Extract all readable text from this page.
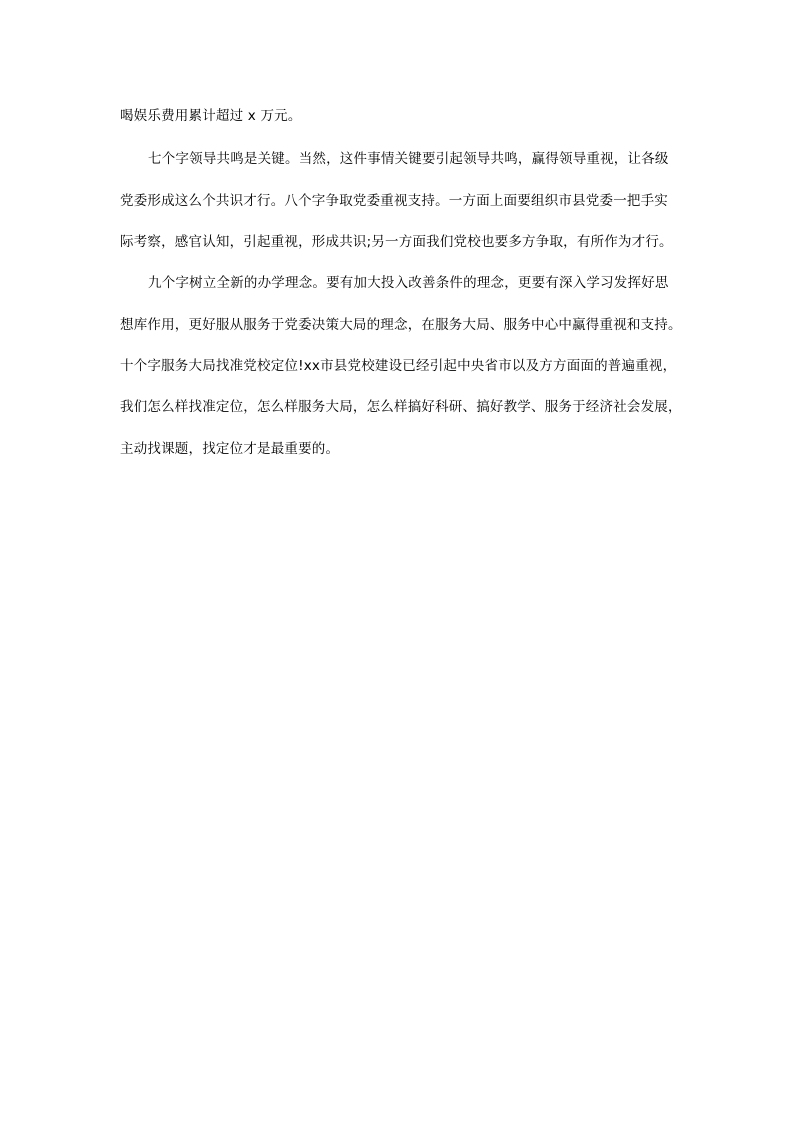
喝娱乐费用累计超过 x 万元。
七个字领导共鸣是关键。当然，这件事情关键要引起领导共鸣，赢得领导重视，让各级
党委形成这么个共识才行。八个字争取党委重视支持。一方面上面要组织市县党委一把手实
际考察，感官认知，引起重视，形成共识;另一方面我们党校也要多方争取，有所作为才行。
九个字树立全新的办学理念。要有加大投入改善条件的理念，更要有深入学习发挥好思
想库作用，更好服从服务于党委决策大局的理念，在服务大局、服务中心中赢得重视和支持。
十个字服务大局找准党校定位!xx市县党校建设已经引起中央省市以及方方面面的普遍重视，
我们怎么样找准定位，怎么样服务大局，怎么样搞好科研、搞好教学、服务于经济社会发展，
主动找课题，找定位才是最重要的。
